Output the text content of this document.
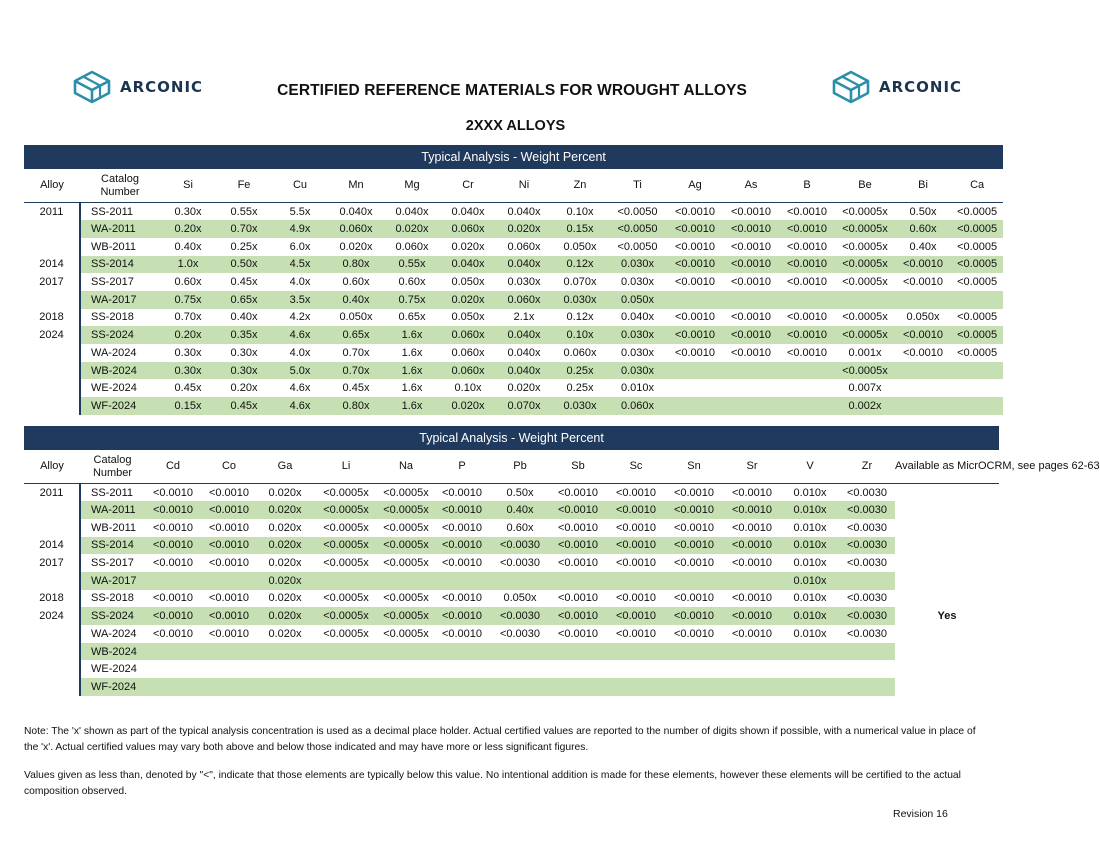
ARCONIC	ARCONIC
CERTIFIED REFERENCE MATERIALS FOR WROUGHT ALLOYS
2XXX ALLOYS
Typical Analysis - Weight Percent																
Alloy	Catalog Number	Si	Fe	Cu	Mn	Mg	Cr	Ni	Zn	Ti	Ag	As	B	Be	Bi	Ca
2011	SS-2011	0.30x	0.55x	5.5x	0.040x	0.040x	0.040x	0.040x	0.10x	<0.0050	<0.0010	<0.0010	<0.0010	<0.0005x	0.50x	<0.0005
	WA-2011	0.20x	0.70x	4.9x	0.060x	0.020x	0.060x	0.020x	0.15x	<0.0050	<0.0010	<0.0010	<0.0010	<0.0005x	0.60x	<0.0005
	WB-2011	0.40x	0.25x	6.0x	0.020x	0.060x	0.020x	0.060x	0.050x	<0.0050	<0.0010	<0.0010	<0.0010	<0.0005x	0.40x	<0.0005
2014	SS-2014	1.0x	0.50x	4.5x	0.80x	0.55x	0.040x	0.040x	0.12x	0.030x	<0.0010	<0.0010	<0.0010	<0.0005x	<0.0010	<0.0005
2017	SS-2017	0.60x	0.45x	4.0x	0.60x	0.60x	0.050x	0.030x	0.070x	0.030x	<0.0010	<0.0010	<0.0010	<0.0005x	<0.0010	<0.0005
	WA-2017	0.75x	0.65x	3.5x	0.40x	0.75x	0.020x	0.060x	0.030x	0.050x						
2018	SS-2018	0.70x	0.40x	4.2x	0.050x	0.65x	0.050x	2.1x	0.12x	0.040x	<0.0010	<0.0010	<0.0010	<0.0005x	0.050x	<0.0005
2024	SS-2024	0.20x	0.35x	4.6x	0.65x	1.6x	0.060x	0.040x	0.10x	0.030x	<0.0010	<0.0010	<0.0010	<0.0005x	<0.0010	<0.0005
	WA-2024	0.30x	0.30x	4.0x	0.70x	1.6x	0.060x	0.040x	0.060x	0.030x	<0.0010	<0.0010	<0.0010	0.001x	<0.0010	<0.0005
	WB-2024	0.30x	0.30x	5.0x	0.70x	1.6x	0.060x	0.040x	0.25x	0.030x				<0.0005x		
	WE-2024	0.45x	0.20x	4.6x	0.45x	1.6x	0.10x	0.020x	0.25x	0.010x				0.007x		
	WF-2024	0.15x	0.45x	4.6x	0.80x	1.6x	0.020x	0.070x	0.030x	0.060x				0.002x		
Typical Analysis - Weight Percent															
Alloy	Catalog Number	Cd	Co	Ga	Li	Na	P	Pb	Sb	Sc	Sn	Sr	V	Zr	Available as MicrOCRM, see pages 62-63
2011	SS-2011	<0.0010	<0.0010	0.020x	<0.0005x	<0.0005x	<0.0010	0.50x	<0.0010	<0.0010	<0.0010	<0.0010	0.010x	<0.0030	
	WA-2011	<0.0010	<0.0010	0.020x	<0.0005x	<0.0005x	<0.0010	0.40x	<0.0010	<0.0010	<0.0010	<0.0010	0.010x	<0.0030	
	WB-2011	<0.0010	<0.0010	0.020x	<0.0005x	<0.0005x	<0.0010	0.60x	<0.0010	<0.0010	<0.0010	<0.0010	0.010x	<0.0030	
2014	SS-2014	<0.0010	<0.0010	0.020x	<0.0005x	<0.0005x	<0.0010	<0.0030	<0.0010	<0.0010	<0.0010	<0.0010	0.010x	<0.0030	
2017	SS-2017	<0.0010	<0.0010	0.020x	<0.0005x	<0.0005x	<0.0010	<0.0030	<0.0010	<0.0010	<0.0010	<0.0010	0.010x	<0.0030	
	WA-2017			0.020x									0.010x		
2018	SS-2018	<0.0010	<0.0010	0.020x	<0.0005x	<0.0005x	<0.0010	0.050x	<0.0010	<0.0010	<0.0010	<0.0010	0.010x	<0.0030	
2024	SS-2024	<0.0010	<0.0010	0.020x	<0.0005x	<0.0005x	<0.0010	<0.0030	<0.0010	<0.0010	<0.0010	<0.0010	0.010x	<0.0030	Yes
	WA-2024	<0.0010	<0.0010	0.020x	<0.0005x	<0.0005x	<0.0010	<0.0030	<0.0010	<0.0010	<0.0010	<0.0010	0.010x	<0.0030	
	WB-2024														
	WE-2024														
	WF-2024														
Note: The 'x' shown as part of the typical analysis concentration is used as a decimal place holder. Actual certified values are reported to the number of digits shown if possible, with a numerical value in place of the 'x'. Actual certified values may vary both above and below those indicated and may have more or less significant figures.
Values given as less than, denoted by "<", indicate that those elements are typically below this value. No intentional addition is made for these elements, however these elements will be certified to the actual composition observed.
Revision 16
